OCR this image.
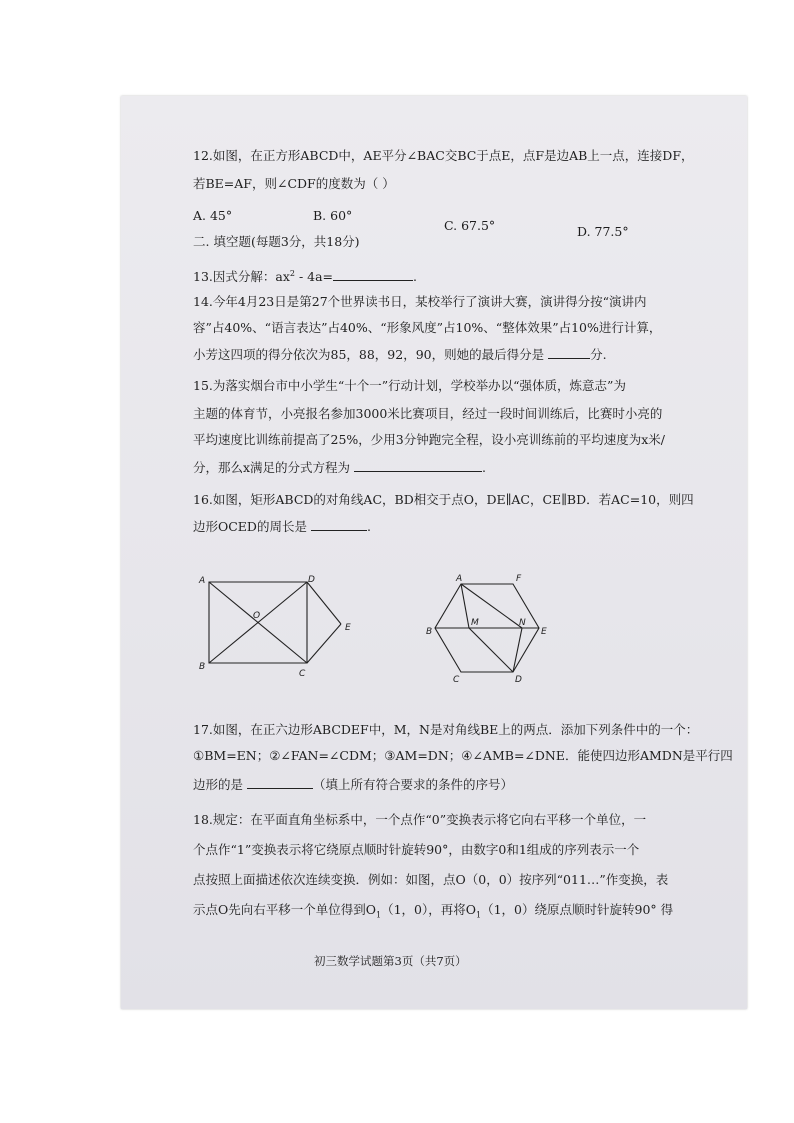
12.如图，在正方形ABCD中，AE平分∠BAC交BC于点E，点F是边AB上一点，连接DF，
若BE=AF，则∠CDF的度数为（ ）
A. 45°	B. 60°
C. 67.5°	D. 77.5°
二. 填空题(每题3分，共18分)
13.因式分解：$ax^2 - 4a=$	.
14.今年4月23日是第27个世界读书日，某校举行了演讲大赛，演讲得分按“演讲内
容”占40%、“语言表达”占40%、“形象风度”占10%、“整体效果”占10%进行计算，
小芳这四项的得分依次为85，88，92，90，则她的最后得分是	分.
15.为落实烟台市中小学生“十个一”行动计划，学校举办以“强体质，炼意志”为
主题的体育节，小亮报名参加3000米比赛项目，经过一段时间训练后，比赛时小亮的
平均速度比训练前提高了25%，少用3分钟跑完全程，设小亮训练前的平均速度为x米/
分，那么x满足的分式方程为	.
16.如图，矩形ABCD的对角线AC，BD相交于点O，DE∥AC，CE∥BD．若AC=10，则四
边形OCED的周长是	.
A	D
B
C
E
O
A	F
B	E
C	D
M	N
17.如图，在正六边形ABCDEF中，M，N是对角线BE上的两点．添加下列条件中的一个：
①BM=EN；②∠FAN=∠CDM；③AM=DN；④∠AMB=∠DNE．能使四边形AMDN是平行四
边形的是	（填上所有符合要求的条件的序号）
18.规定：在平面直角坐标系中，一个点作“0”变换表示将它向右平移一个单位，一
个点作“1”变换表示将它绕原点顺时针旋转90°，由数字0和1组成的序列表示一个
点按照上面描述依次连续变换．例如：如图，点O（0，0）按序列“011…”作变换，表
示点O先向右平移一个单位得到$O_1(1$，0），再将$O_1(1$，0）绕原点顺时针旋转90° 得
初三数学试题第3页（共7页）
